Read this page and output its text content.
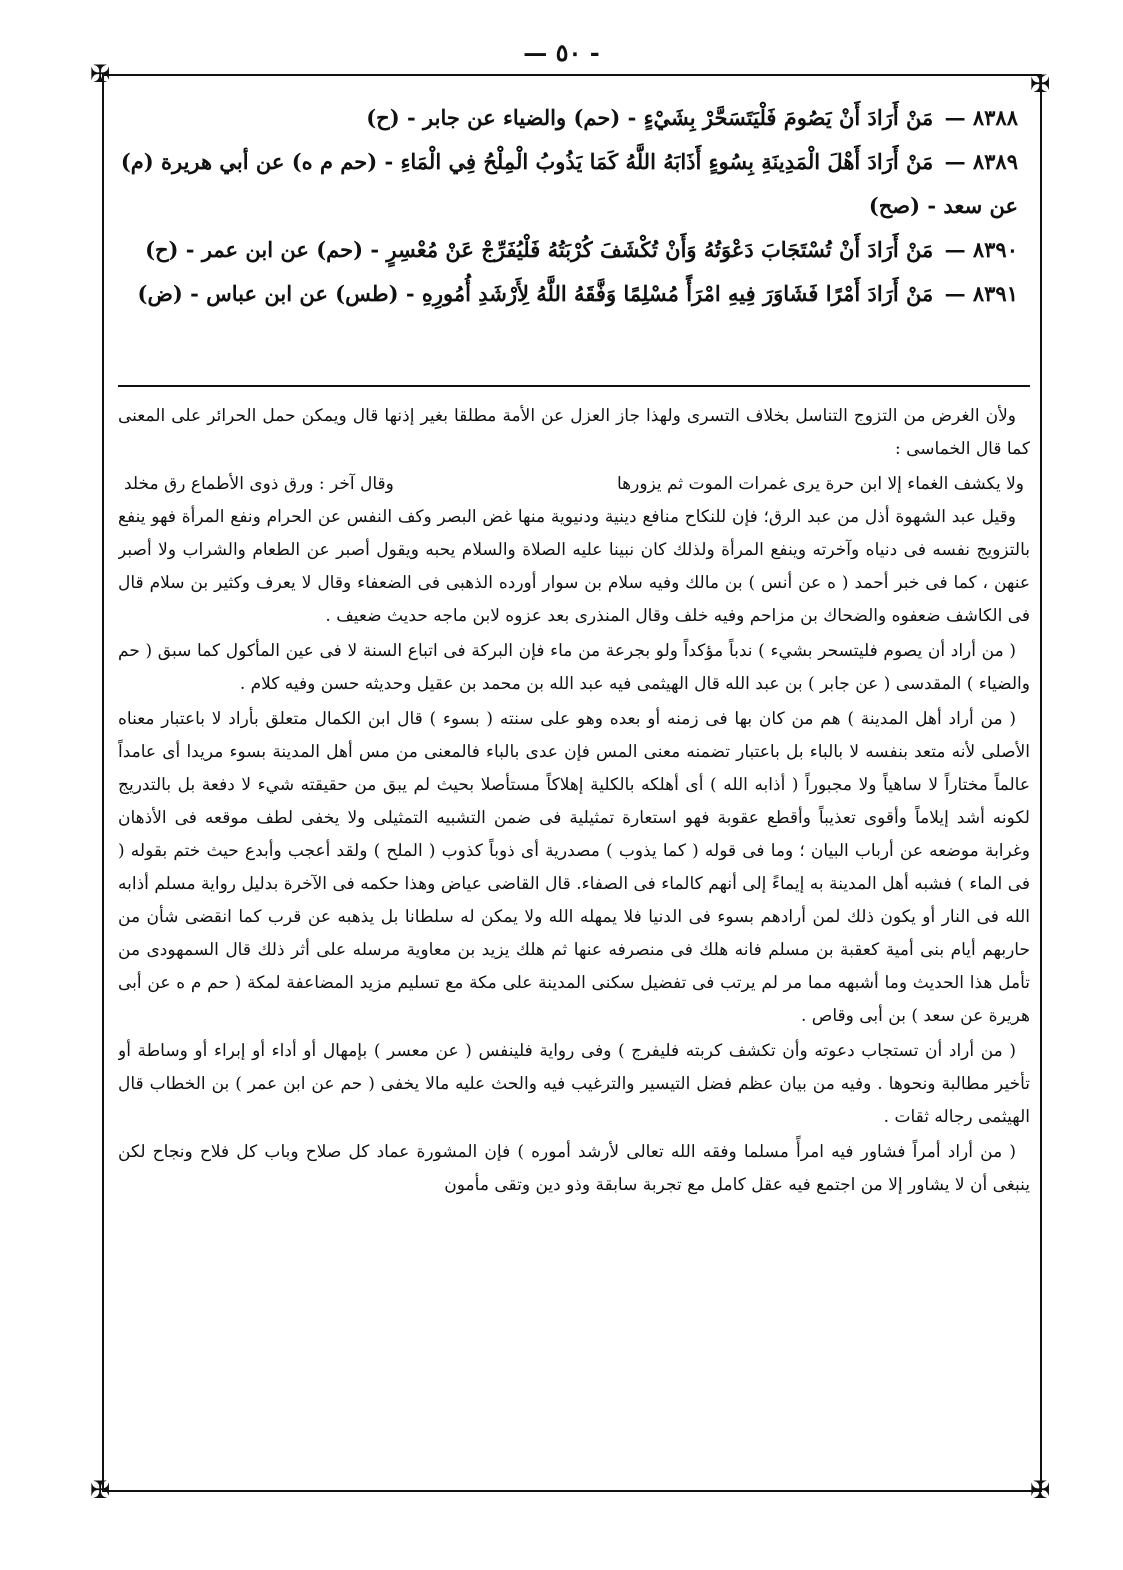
— ٥٠ -
✠	✠
✠	✠

٨٣٨٨ — مَنْ أَرَادَ أَنْ يَصُومَ فَلْيَتَسَحَّرْ بِشَيْءٍ - (حم) والضياء عن جابر - (ح)

٨٣٨٩ — مَنْ أَرَادَ أَهْلَ الْمَدِينَةِ بِسُوءٍ أَذَابَهُ اللَّهُ كَمَا يَذُوبُ الْمِلْحُ فِي الْمَاءِ - (حم م ه) عن أبي هريرة (م) عن سعد - (صح)

٨٣٩٠ — مَنْ أَرَادَ أَنْ تُسْتَجَابَ دَعْوَتُهُ وَأَنْ تُكْشَفَ كُرْبَتُهُ فَلْيُفَرِّجْ عَنْ مُعْسِرٍ - (حم) عن ابن عمر - (ح)

٨٣٩١ — مَنْ أَرَادَ أَمْرًا فَشَاوَرَ فِيهِ امْرَأً مُسْلِمًا وَفَّقَهُ اللَّهُ لِأَرْشَدِ أُمُورِهِ - (طس) عن ابن عباس - (ض)

ولأن الغرض من التزوج التناسل بخلاف التسرى ولهذا جاز العزل عن الأمة مطلقا بغير إذنها قال ويمكن حمل الحرائر على المعنى كما قال الخماسى :

ولا يكشف الغماء إلا ابن حرة يرى غمرات الموت ثم يزورها
وقال آخر : ورق ذوى الأطماع رق مخلد

وقيل عبد الشهوة أذل من عبد الرق؛ فإن للنكاح منافع دينية ودنيوية منها غض البصر وكف النفس عن الحرام ونفع المرأة فهو ينفع بالتزويج نفسه فى دنياه وآخرته وينفع المرأة ولذلك كان نبينا عليه الصلاة والسلام يحبه ويقول أصبر عن الطعام والشراب ولا أصبر عنهن ، كما فى خبر أحمد ( ه عن أنس ) بن مالك وفيه سلام بن سوار أورده الذهبى فى الضعفاء وقال لا يعرف وكثير بن سلام قال فى الكاشف ضعفوه والضحاك بن مزاحم وفيه خلف وقال المنذرى بعد عزوه لابن ماجه حديث ضعيف .

( من أراد أن يصوم فليتسحر بشيء ) ندباً مؤكداً ولو بجرعة من ماء فإن البركة فى اتباع السنة لا فى عين المأكول كما سبق ( حم والضياء ) المقدسى ( عن جابر ) بن عبد الله قال الهيثمى فيه عبد الله بن محمد بن عقيل وحديثه حسن وفيه كلام .

( من أراد أهل المدينة ) هم من كان بها فى زمنه أو بعده وهو على سنته ( بسوء ) قال ابن الكمال متعلق بأراد لا باعتبار معناه الأصلى لأنه متعد بنفسه لا بالباء بل باعتبار تضمنه معنى المس فإن عدى بالباء فالمعنى من مس أهل المدينة بسوء مريدا أى عامداً عالماً مختاراً لا ساهياً ولا مجبوراً ( أذابه الله ) أى أهلكه بالكلية إهلاكاً مستأصلا بحيث لم يبق من حقيقته شيء لا دفعة بل بالتدريج لكونه أشد إيلاماً وأقوى تعذيباً وأقطع عقوبة فهو استعارة تمثيلية فى ضمن التشبيه التمثيلى ولا يخفى لطف موقعه فى الأذهان وغرابة موضعه عن أرباب البيان ؛ وما فى قوله ( كما يذوب ) مصدرية أى ذوباً كذوب ( الملح ) ولقد أعجب وأبدع حيث ختم بقوله ( فى الماء ) فشبه أهل المدينة به إيماءً إلى أنهم كالماء فى الصفاء. قال القاضى عياض وهذا حكمه فى الآخرة بدليل رواية مسلم أذابه الله فى النار أو يكون ذلك لمن أرادهم بسوء فى الدنيا فلا يمهله الله ولا يمكن له سلطانا بل يذهبه عن قرب كما انقضى شأن من حاربهم أيام بنى أمية كعقبة بن مسلم فانه هلك فى منصرفه عنها ثم هلك يزيد بن معاوية مرسله على أثر ذلك قال السمهودى من تأمل هذا الحديث وما أشبهه مما مر لم يرتب فى تفضيل سكنى المدينة على مكة مع تسليم مزيد المضاعفة لمكة ( حم م ه عن أبى هريرة عن سعد ) بن أبى وقاص .

( من أراد أن تستجاب دعوته وأن تكشف كربته فليفرج ) وفى رواية فلينفس ( عن معسر ) بإمهال أو أداء أو إبراء أو وساطة أو تأخير مطالبة ونحوها . وفيه من بيان عظم فضل التيسير والترغيب فيه والحث عليه مالا يخفى ( حم عن ابن عمر ) بن الخطاب قال الهيثمى رجاله ثقات .

( من أراد أمراً فشاور فيه امرأً مسلما وفقه الله تعالى لأرشد أموره ) فإن المشورة عماد كل صلاح وباب كل فلاح ونجاح لكن ينبغى أن لا يشاور إلا من اجتمع فيه عقل كامل مع تجربة سابقة وذو دين وتقى مأمون
